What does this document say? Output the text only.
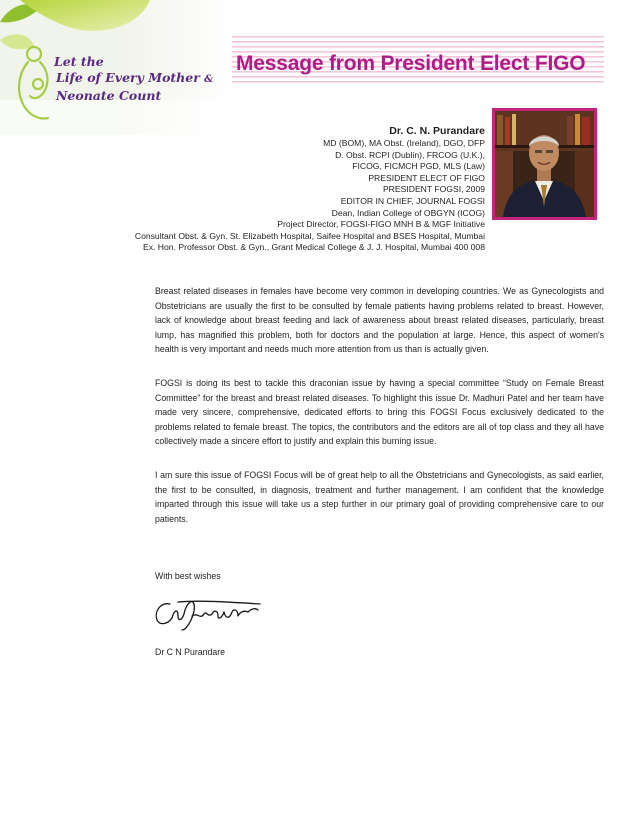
Let the
Life of Every Mother &
Neonate Count
Message from President Elect FIGO
Dr. C. N. Purandare
MD (BOM), MA Obst. (Ireland), DGO, DFP
D. Obst. RCPI (Dublin), FRCOG (U.K.),
FICOG, FICMCH PGD, MLS (Law)
PRESIDENT ELECT OF FIGO
PRESIDENT FOGSI, 2009
EDITOR IN CHIEF, JOURNAL FOGSI
Dean, Indian College of OBGYN (ICOG)
Project Director, FOGSI-FIGO MNH B & MGF Initiative
Consultant Obst. & Gyn. St. Elizabeth Hospital, Saifee Hospital and BSES Hospital, Mumbai
Ex. Hon. Professor Obst. & Gyn., Grant Medical College & J. J. Hospital, Mumbai 400 008

Breast related diseases in females have become very common in developing countries. We as Gynecologists and Obstetricians are usually the first to be consulted by female patients having problems related to breast. However, lack of knowledge about breast feeding and lack of awareness about breast related diseases, particularly, breast lump, has magnified this problem, both for doctors and the population at large. Hence, this aspect of women's health is very important and needs much more attention from us than is actually given.

FOGSI is doing its best to tackle this draconian issue by having a special committee “Study on Female Breast Committee” for the breast and breast related diseases. To highlight this issue Dr. Madhuri Patel and her team have made very sincere, comprehensive, dedicated efforts to bring this FOGSI Focus exclusively dedicated to the problems related to female breast. The topics, the contributors and the editors are all of top class and they all have collectively made a sincere effort to justify and explain this burning issue.

I am sure this issue of FOGSI Focus will be of great help to all the Obstetricians and Gynecologists, as said earlier, the first to be consulted, in diagnosis, treatment and further management. I am confident that the knowledge imparted through this issue will take us a step further in our primary goal of providing comprehensive care to our patients.

With best wishes
Dr C N Purandare
